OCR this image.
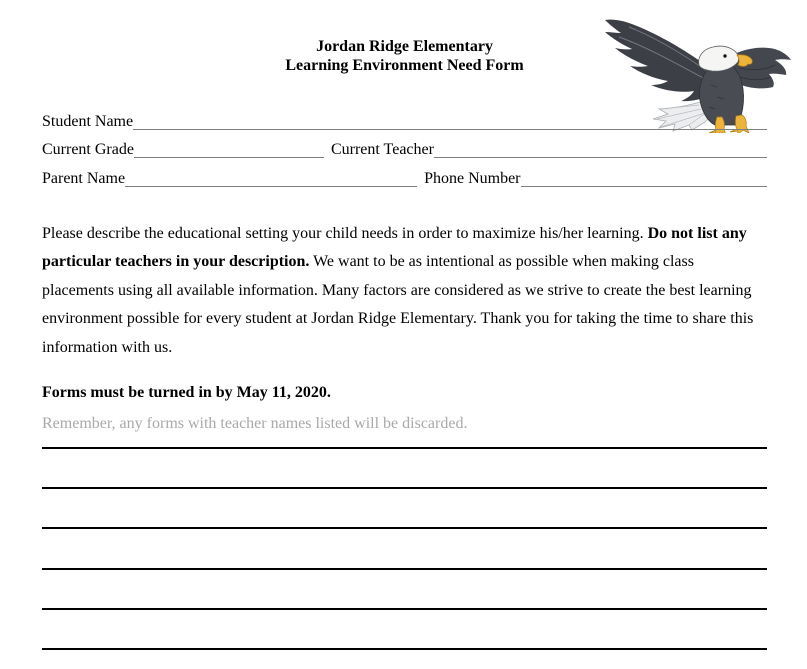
Jordan Ridge Elementary
Learning Environment Need Form
Student Name
Current Grade	Current Teacher
Parent Name	Phone Number

Please describe the educational setting your child needs in order to maximize his/her learning. Do not list any particular teachers in your description. We want to be as intentional as possible when making class placements using all available information. Many factors are considered as we strive to create the best learning environment possible for every student at Jordan Ridge Elementary. Thank you for taking the time to share this information with us.

Forms must be turned in by May 11, 2020.

Remember, any forms with teacher names listed will be discarded.
